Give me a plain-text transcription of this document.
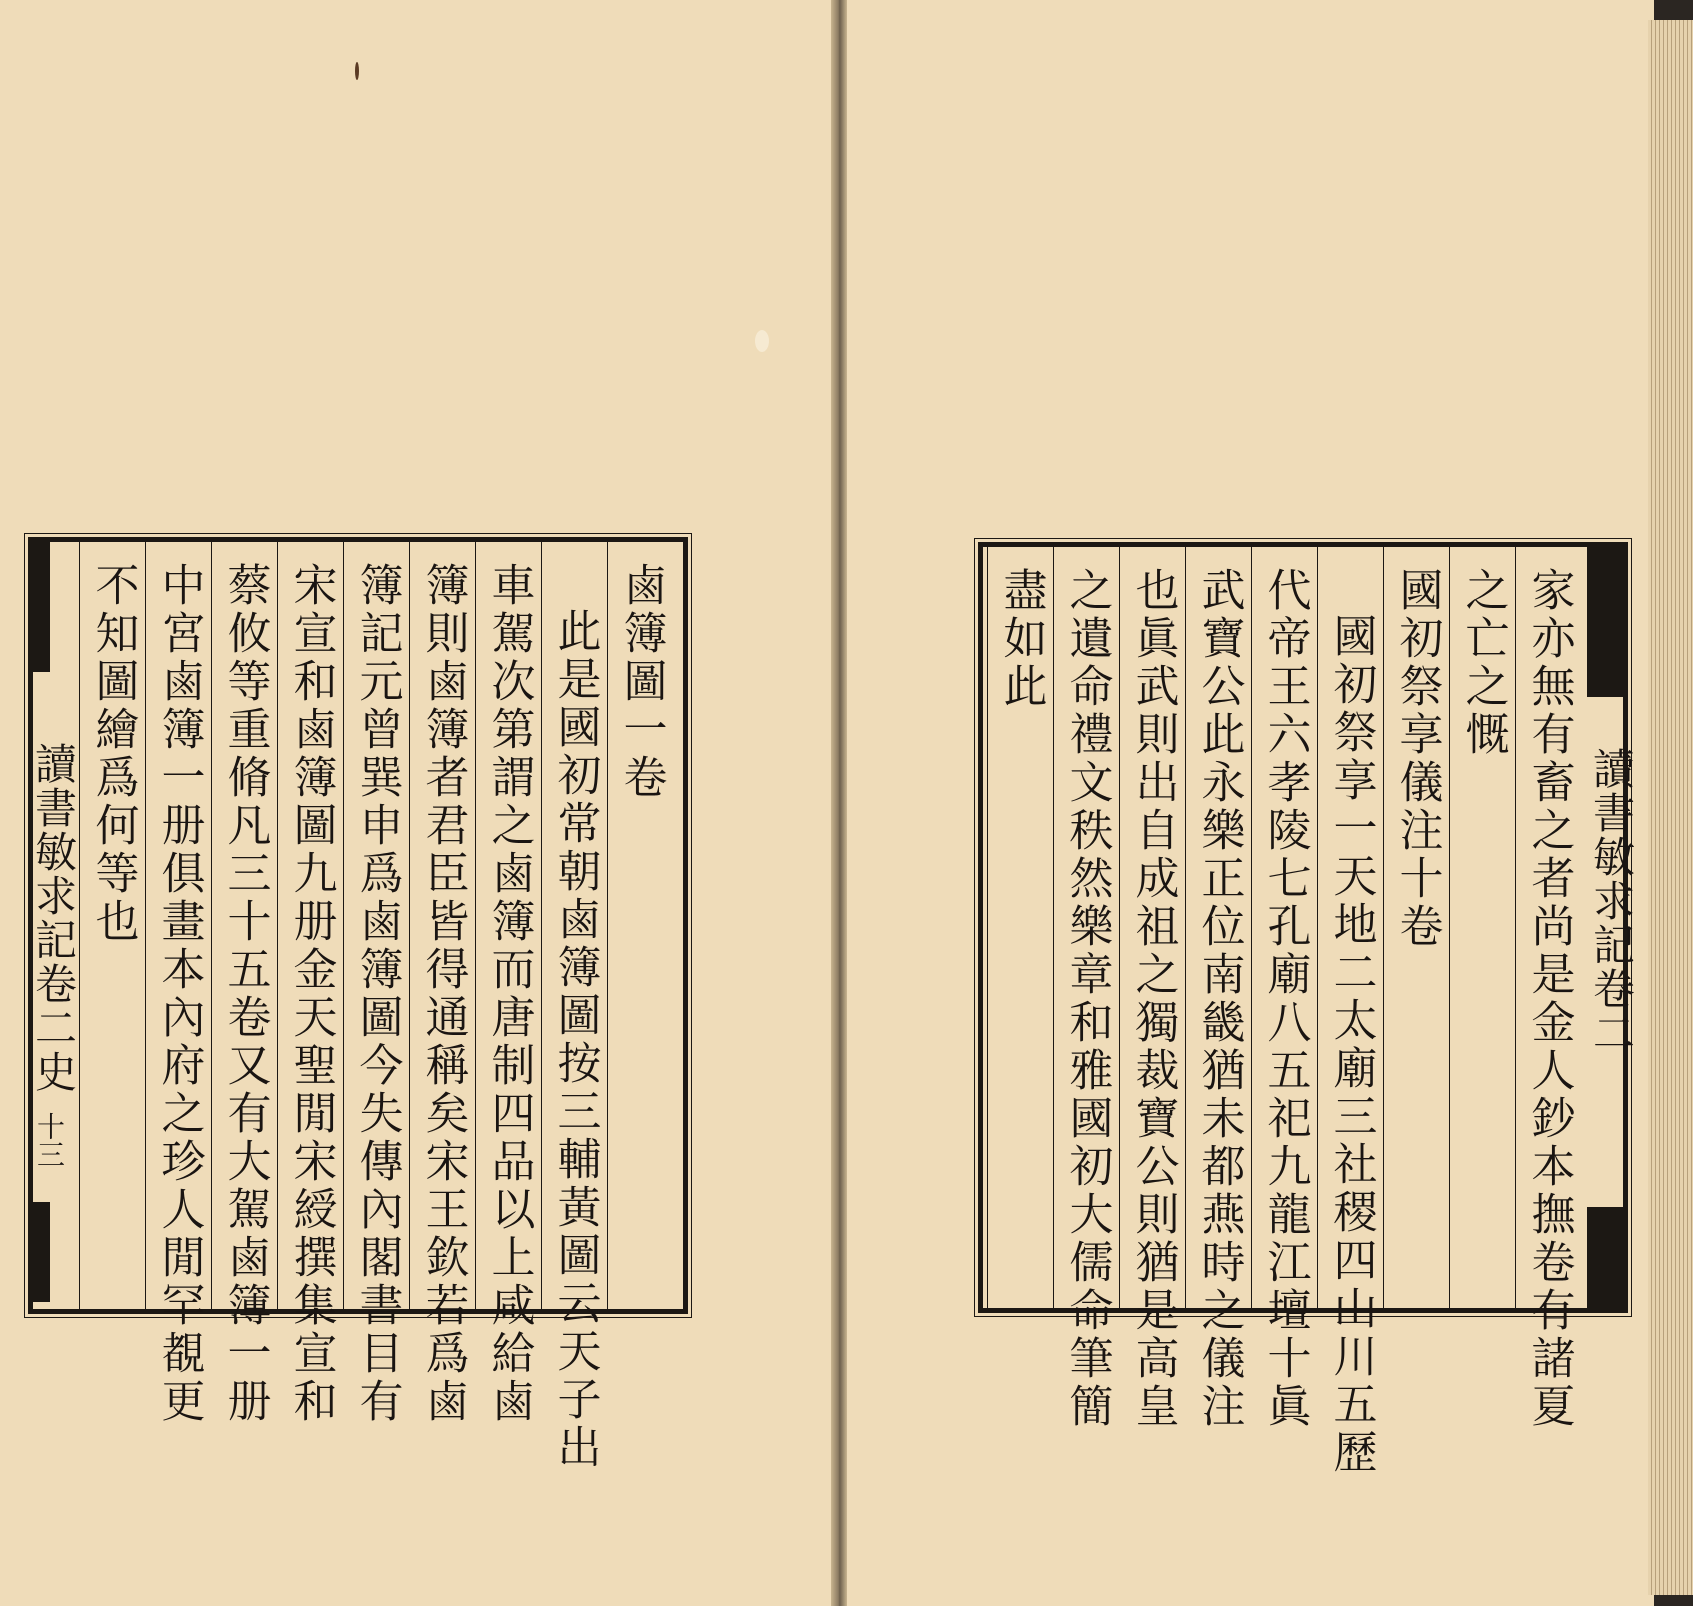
鹵簿圖一卷
此是國初常朝鹵簿圖按三輔黃圖云天子出
車駕次第謂之鹵簿而唐制四品以上咸給鹵
簿則鹵簿者君臣皆得通稱矣宋王欽若爲鹵
簿記元曾巽申爲鹵簿圖今失傳內閣書目有
宋宣和鹵簿圖九册金天聖閒宋綬撰集宣和
蔡攸等重脩凡三十五卷又有大駕鹵簿一册
中宮鹵簿一册俱畫本內府之珍人閒罕覩更
不知圖繪爲何等也
讀書敏求記卷二史
十三	家亦無有畜之者尚是金人鈔本撫卷有諸夏
之亡之慨
國初祭享儀注十卷
國初祭享一天地二太廟三社稷四山川五歷
代帝王六孝陵七孔廟八五祀九龍江壇十眞
武寶公此永樂正位南畿猶未都燕時之儀注
也眞武則出自成祖之獨裁寶公則猶是高皇
之遺命禮文秩然樂章和雅國初大儒命筆簡
盡如此
讀書敏求記卷二
